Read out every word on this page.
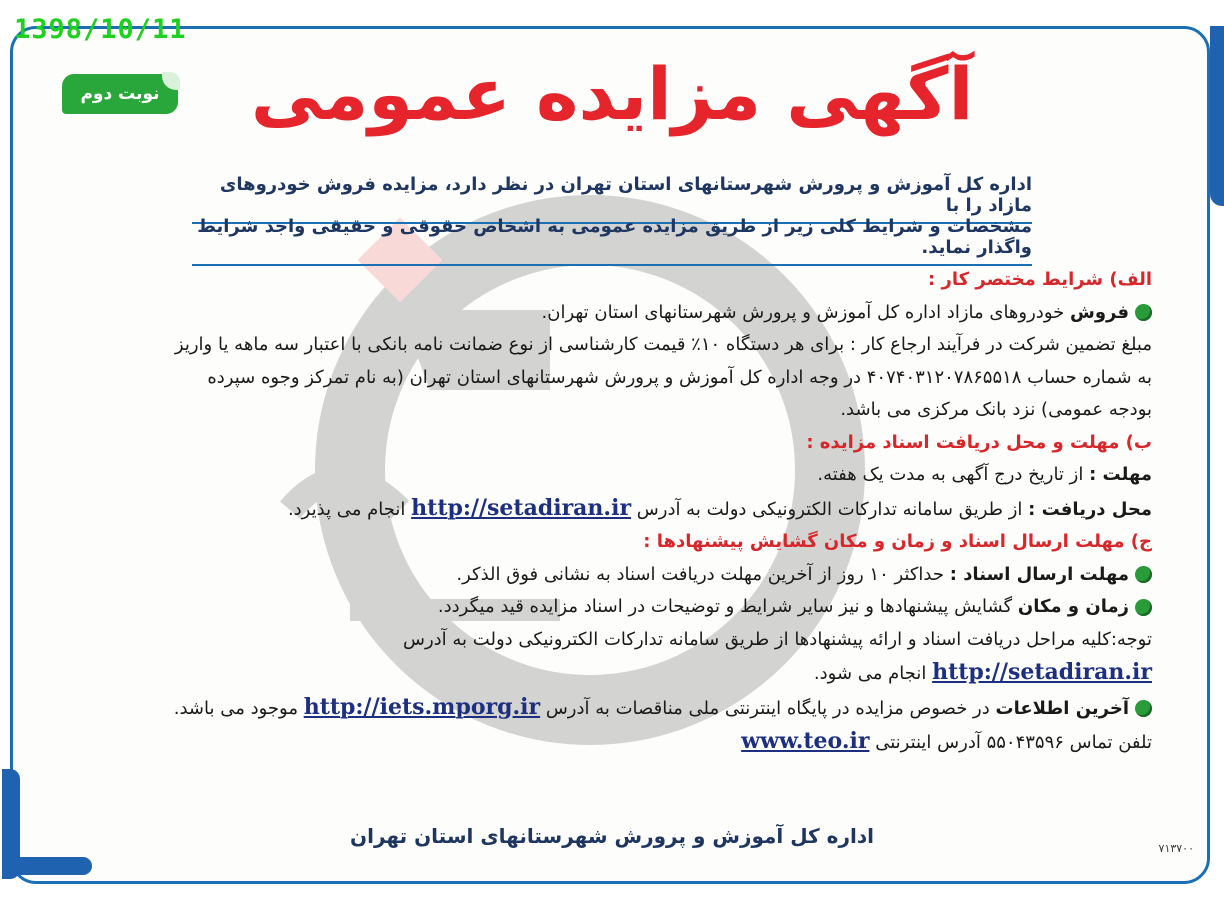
1398/10/11
نوبت دوم	آگهی مزایده عمومی
اداره کل آموزش و پرورش شهرستانهای استان تهران در نظر دارد، مزایده فروش خودروهای مازاد را با
مشخصات و شرایط کلی زیر از طریق مزایده عمومی به اشخاص حقوقی و حقیقی واجد شرایط واگذار نماید.

الف) شرایط مختصر کار :

فروش خودروهای مازاد اداره کل آموزش و پرورش شهرستانهای استان تهران.

مبلغ تضمین شرکت در فرآیند ارجاع کار : برای هر دستگاه ۱۰٪ قیمت کارشناسی از نوع ضمانت نامه بانکی با اعتبار سه ماهه یا واریز

به شماره حساب ۴۰۷۴۰۳۱۲۰۷۸۶۵۵۱۸ در وجه اداره کل آموزش و پرورش شهرستانهای استان تهران (به نام تمرکز وجوه سپرده

بودجه عمومی) نزد بانک مرکزی می باشد.

ب) مهلت و محل دریافت اسناد مزایده :

مهلت : از تاریخ درج آگهی به مدت یک هفته.

محل دریافت : از طریق سامانه تدارکات الکترونیکی دولت به آدرس http://setadiran.ir انجام می پذیرد.

ج) مهلت ارسال اسناد و زمان و مکان گشایش پیشنهادها :

مهلت ارسال اسناد : حداکثر ۱۰ روز از آخرین مهلت دریافت اسناد به نشانی فوق الذکر.

زمان و مکان گشایش پیشنهادها و نیز سایر شرایط و توضیحات در اسناد مزایده قید میگردد.

توجه:کلیه مراحل دریافت اسناد و ارائه پیشنهادها از طریق سامانه تدارکات الکترونیکی دولت به آدرس

http://setadiran.ir انجام می شود.

آخرین اطلاعات در خصوص مزایده در پایگاه اینترنتی ملی مناقصات به آدرس http://iets.mporg.ir موجود می باشد.

تلفن تماس ۵۵۰۴۳۵۹۶ آدرس اینترنتی www.teo.ir

اداره کل آموزش و پرورش شهرستانهای استان تهران
۷۱۳۷۰۰
